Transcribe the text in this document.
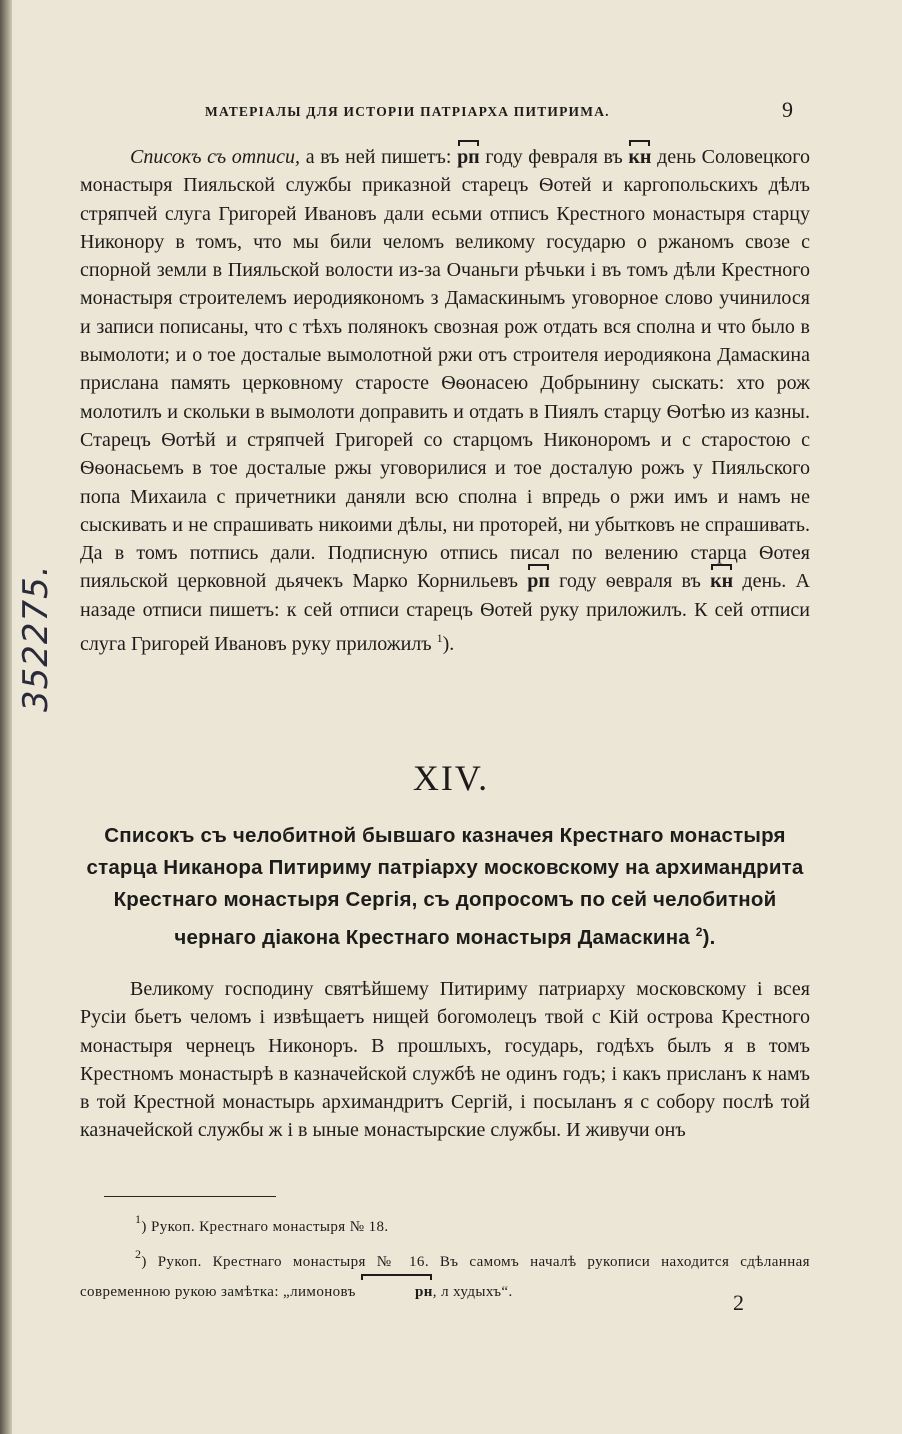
МАТЕРІАЛЫ ДЛЯ ИСТОРІИ ПАТРІАРХА ПИТИРИМА.	9

Списокъ съ отписи, а въ ней пишетъ: рп году февраля въ кн день Соловецкого монастыря Пияльской службы приказной старецъ Ѳотей и каргопольскихъ дѣлъ стряпчей слуга Григорей Ивановъ дали есьми отписъ Крестного монастыря старцу Никонору в томъ, что мы били челомъ великому государю о ржаномъ свозе с спорной земли в Пияльской волости из-за Очаньги рѣчьки і въ томъ дѣли Крестного монастыря строителемъ иеродиякономъ з Дамаскинымъ уговорное слово учинилося и записи пописаны, что с тѣхъ полянокъ свозная рож отдать вся сполна и что было в вымолоти; и о тое досталые вымолотной ржи отъ строителя иеродиякона Дамаскина прислана память церковному старосте Ѳѳонасею Добрынину сыскать: хто рож молотилъ и скольки в вымолоти доправить и отдать в Пиялъ старцу Ѳотѣю из казны. Старецъ Ѳотѣй и стряпчей Григорей со старцомъ Никоноромъ и с старостою с Ѳѳонасьемъ в тое досталые ржы уговорилися и тое досталую рожъ у Пияльского попа Михаила с причетники даняли всю сполна і впредь о ржи имъ и намъ не сыскивать и не спрашивать никоими дѣлы, ни проторей, ни убытковъ не спрашивать. Да в томъ потпись дали. Подписную отпись писал по велению старца Ѳотея пияльской церковной дьячекъ Марко Корнильевъ рп году ѳевраля въ кн день. А назаде отписи пишетъ: к сей отписи старецъ Ѳотей руку приложилъ. К сей отписи слуга Григорей Ивановъ руку приложилъ $^1$).

XIV.

Списокъ съ челобитной бывшаго казначея Крестнаго монастыря старца Никанора Питириму патріарху московскому на архимандрита Крестнаго монастыря Сергія, съ допросомъ по сей челобитной чернаго діакона Крестнаго монастыря Дамаскина $^2$).

Великому господину святѣйшему Питириму патриарху московскому і всея Русіи бьетъ челомъ і извѣщаетъ нищей богомолецъ твой с Кій острова Крестного монастыря чернецъ Никоноръ. В прошлыхъ, государь, годѣхъ былъ я в томъ Крестномъ монастырѣ в казначейской службѣ не одинъ годъ; і какъ присланъ к намъ в той Крестной монастырь архимандритъ Сергій, і посыланъ я с собору послѣ той казначейской службы ж і в ыные монастырские службы. И живучи онъ

$^1$) Рукоп. Крестнаго монастыря № 18.

$^2$) Рукоп. Крестнаго монастыря № 16. Въ самомъ началѣ рукописи находится сдѣланная современною рукою замѣтка: „лимоновъ	рн, л худыхъ“.	2
352275.
